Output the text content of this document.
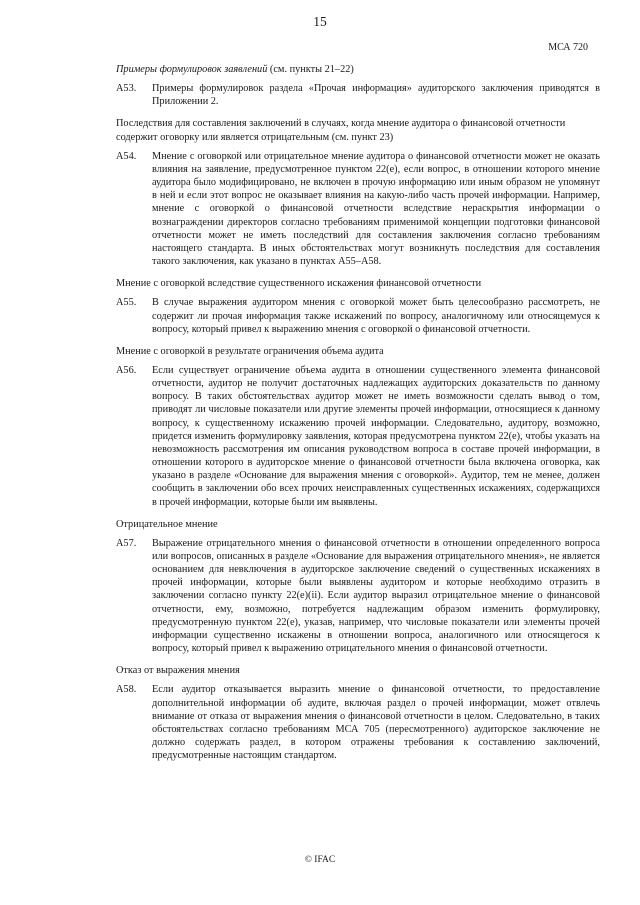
15
МСА 720
Примеры формулировок заявлений (см. пункты 21–22)
A53.	Примеры формулировок раздела «Прочая информация» аудиторского заключения приводятся в Приложении 2.
Последствия для составления заключений в случаях, когда мнение аудитора о финансовой отчетности содержит оговорку или является отрицательным (см. пункт 23)
A54.	Мнение с оговоркой или отрицательное мнение аудитора о финансовой отчетности может не оказать влияния на заявление, предусмотренное пунктом 22(е), если вопрос, в отношении которого мнение аудитора было модифицировано, не включен в прочую информацию или иным образом не упомянут в ней и если этот вопрос не оказывает влияния на какую-либо часть прочей информации. Например, мнение с оговоркой о финансовой отчетности вследствие нераскрытия информации о вознаграждении директоров согласно требованиям применимой концепции подготовки финансовой отчетности может не иметь последствий для составления заключения согласно требованиям настоящего стандарта. В иных обстоятельствах могут возникнуть последствия для составления такого заключения, как указано в пунктах A55–A58.
Мнение с оговоркой вследствие существенного искажения финансовой отчетности
A55.	В случае выражения аудитором мнения с оговоркой может быть целесообразно рассмотреть, не содержит ли прочая информация также искажений по вопросу, аналогичному или относящемуся к вопросу, который привел к выражению мнения с оговоркой о финансовой отчетности.
Мнение с оговоркой в результате ограничения объема аудита
A56.	Если существует ограничение объема аудита в отношении существенного элемента финансовой отчетности, аудитор не получит достаточных надлежащих аудиторских доказательств по данному вопросу. В таких обстоятельствах аудитор может не иметь возможности сделать вывод о том, приводят ли числовые показатели или другие элементы прочей информации, относящиеся к данному вопросу, к существенному искажению прочей информации. Следовательно, аудитору, возможно, придется изменить формулировку заявления, которая предусмотрена пунктом 22(е), чтобы указать на невозможность рассмотрения им описания руководством вопроса в составе прочей информации, в отношении которого в аудиторское мнение о финансовой отчетности была включена оговорка, как указано в разделе «Основание для выражения мнения с оговоркой». Аудитор, тем не менее, должен сообщить в заключении обо всех прочих неисправленных существенных искажениях, содержащихся в прочей информации, которые были им выявлены.
Отрицательное мнение
A57.	Выражение отрицательного мнения о финансовой отчетности в отношении определенного вопроса или вопросов, описанных в разделе «Основание для выражения отрицательного мнения», не является основанием для невключения в аудиторское заключение сведений о существенных искажениях в прочей информации, которые были выявлены аудитором и которые необходимо отразить в заключении согласно пункту 22(е)(ii). Если аудитор выразил отрицательное мнение о финансовой отчетности, ему, возможно, потребуется надлежащим образом изменить формулировку, предусмотренную пунктом 22(е), указав, например, что числовые показатели или элементы прочей информации существенно искажены в отношении вопроса, аналогичного или относящегося к вопросу, который привел к выражению отрицательного мнения о финансовой отчетности.
Отказ от выражения мнения
A58.	Если аудитор отказывается выразить мнение о финансовой отчетности, то предоставление дополнительной информации об аудите, включая раздел о прочей информации, может отвлечь внимание от отказа от выражения мнения о финансовой отчетности в целом. Следовательно, в таких обстоятельствах согласно требованиям МСА 705 (пересмотренного) аудиторское заключение не должно содержать раздел, в котором отражены требования к составлению заключений, предусмотренные настоящим стандартом.
© IFAC
